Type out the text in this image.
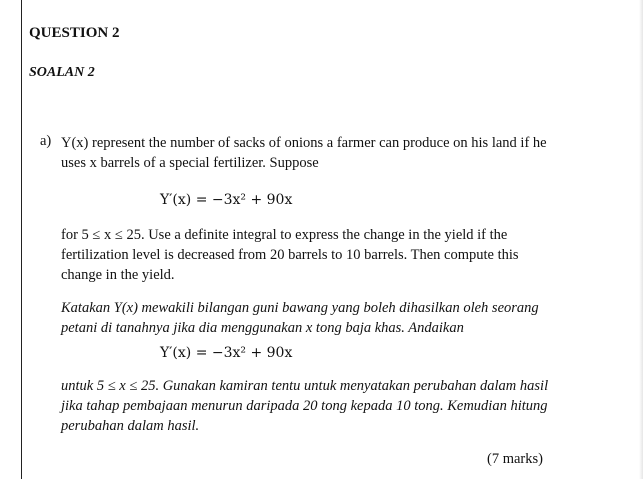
QUESTION 2
SOALAN 2
a) Y(x) represent the number of sacks of onions a farmer can produce on his land if he uses x barrels of a special fertilizer. Suppose
Y′(x) = −3x² + 90x
for 5 ≤ x ≤ 25. Use a definite integral to express the change in the yield if the fertilization level is decreased from 20 barrels to 10 barrels. Then compute this change in the yield.
Katakan Y(x) mewakili bilangan guni bawang yang boleh dihasilkan oleh seorang petani di tanahnya jika dia menggunakan x tong baja khas. Andaikan
Y′(x) = −3x² + 90x
untuk 5 ≤ x ≤ 25. Gunakan kamiran tentu untuk menyatakan perubahan dalam hasil jika tahap pembajaan menurun daripada 20 tong kepada 10 tong. Kemudian hitung perubahan dalam hasil.
(7 marks)
